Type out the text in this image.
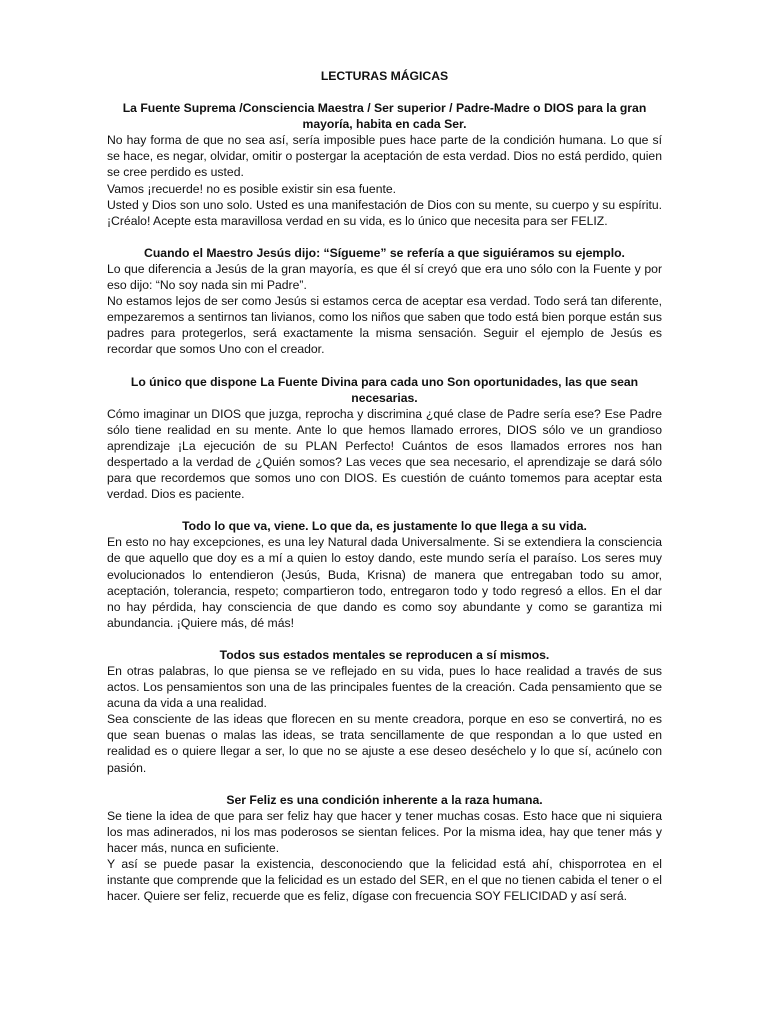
LECTURAS MÁGICAS
La Fuente Suprema /Consciencia Maestra / Ser superior / Padre-Madre o DIOS para la gran mayoría, habita en cada Ser.
No hay forma de que no sea así, sería imposible pues hace parte de la condición humana. Lo que sí se hace, es negar, olvidar, omitir o postergar la aceptación de esta verdad. Dios no está perdido, quien se cree perdido es usted.
Vamos ¡recuerde! no es posible existir sin esa fuente.
Usted y Dios son uno solo. Usted es una manifestación de Dios con su mente, su cuerpo y su espíritu. ¡Créalo! Acepte esta maravillosa verdad en su vida, es lo único que necesita para ser FELIZ.
Cuando el Maestro Jesús dijo: “Sígueme” se refería a que siguiéramos su ejemplo.
Lo que diferencia a Jesús de la gran mayoría, es que él sí creyó que era uno sólo con la Fuente y por eso dijo: “No soy nada sin mi Padre”.
No estamos lejos de ser como Jesús si estamos cerca de aceptar esa verdad. Todo será tan diferente, empezaremos a sentirnos tan livianos, como los niños que saben que todo está bien porque están sus padres para protegerlos, será exactamente la misma sensación. Seguir el ejemplo de Jesús es recordar que somos Uno con el creador.
Lo único que dispone La Fuente Divina para cada uno Son oportunidades, las que sean necesarias.
Cómo imaginar un DIOS que juzga, reprocha y discrimina ¿qué clase de Padre sería ese? Ese Padre sólo tiene realidad en su mente. Ante lo que hemos llamado errores, DIOS sólo ve un grandioso aprendizaje ¡La ejecución de su PLAN Perfecto! Cuántos de esos llamados errores nos han despertado a la verdad de ¿Quién somos? Las veces que sea necesario, el aprendizaje se dará sólo para que recordemos que somos uno con DIOS. Es cuestión de cuánto tomemos para aceptar esta verdad. Dios es paciente.
Todo lo que va, viene. Lo que da, es justamente lo que llega a su vida.
En esto no hay excepciones, es una ley Natural dada Universalmente. Si se extendiera la consciencia de que aquello que doy es a mí a quien lo estoy dando, este mundo sería el paraíso. Los seres muy evolucionados lo entendieron (Jesús, Buda, Krisna) de manera que entregaban todo su amor, aceptación, tolerancia, respeto; compartieron todo, entregaron todo y todo regresó a ellos. En el dar no hay pérdida, hay consciencia de que dando es como soy abundante y como se garantiza mi abundancia. ¡Quiere más, dé más!
Todos sus estados mentales se reproducen a sí mismos.
En otras palabras, lo que piensa se ve reflejado en su vida, pues lo hace realidad a través de sus actos. Los pensamientos son una de las principales fuentes de la creación. Cada pensamiento que se acuna da vida a una realidad.
Sea consciente de las ideas que florecen en su mente creadora, porque en eso se convertirá, no es que sean buenas o malas las ideas, se trata sencillamente de que respondan a lo que usted en realidad es o quiere llegar a ser, lo que no se ajuste a ese deseo deséchelo y lo que sí, acúnelo con pasión.
Ser Feliz es una condición inherente a la raza humana.
Se tiene la idea de que para ser feliz hay que hacer y tener muchas cosas. Esto hace que ni siquiera los mas adinerados, ni los mas poderosos se sientan felices. Por la misma idea, hay que tener más y hacer más, nunca en suficiente.
Y así se puede pasar la existencia, desconociendo que la felicidad está ahí, chisporrotea en el instante que comprende que la felicidad es un estado del SER, en el que no tienen cabida el tener o el hacer. Quiere ser feliz, recuerde que es feliz, dígase con frecuencia SOY FELICIDAD y así será.
